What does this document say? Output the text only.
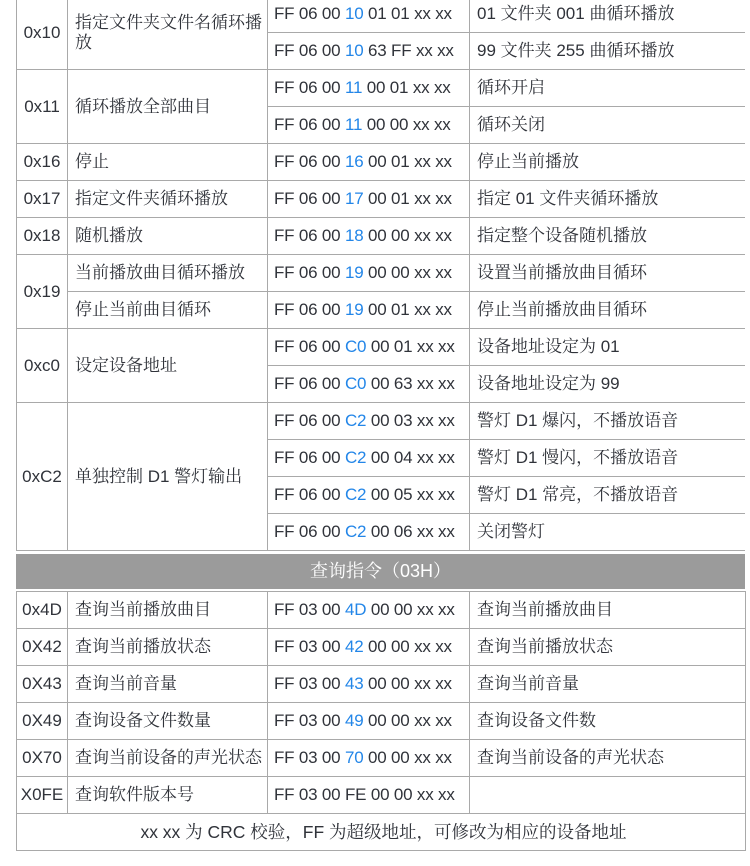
0x10	指定文件夹文件名循环播放	FF 06 00 10 01 01 xx xx	01 文件夹 001 曲循环播放
		FF 06 00 10 63 FF xx xx	99 文件夹 255 曲循环播放
0x11	循环播放全部曲目	FF 06 00 11 00 01 xx xx	循环开启
		FF 06 00 11 00 00 xx xx	循环关闭
0x16	停止	FF 06 00 16 00 01 xx xx	停止当前播放
0x17	指定文件夹循环播放	FF 06 00 17 00 01 xx xx	指定 01 文件夹循环播放
0x18	随机播放	FF 06 00 18 00 00 xx xx	指定整个设备随机播放
0x19	当前播放曲目循环播放	FF 06 00 19 00 00 xx xx	设置当前播放曲目循环
	停止当前曲目循环	FF 06 00 19 00 01 xx xx	停止当前播放曲目循环
0xc0	设定设备地址	FF 06 00 C0 00 01 xx xx	设备地址设定为 01
		FF 06 00 C0 00 63 xx xx	设备地址设定为 99
0xC2	单独控制 D1 警灯输出	FF 06 00 C2 00 03 xx xx	警灯 D1 爆闪，不播放语音
		FF 06 00 C2 00 04 xx xx	警灯 D1 慢闪，不播放语音
		FF 06 00 C2 00 05 xx xx	警灯 D1 常亮，不播放语音
		FF 06 00 C2 00 06 xx xx	关闭警灯
查询指令（03H）
0x4D	查询当前播放曲目	FF 03 00 4D 00 00 xx xx	查询当前播放曲目
0X42	查询当前播放状态	FF 03 00 42 00 00 xx xx	查询当前播放状态
0X43	查询当前音量	FF 03 00 43 00 00 xx xx	查询当前音量
0X49	查询设备文件数量	FF 03 00 49 00 00 xx xx	查询设备文件数
0X70	查询当前设备的声光状态	FF 03 00 70 00 00 xx xx	查询当前设备的声光状态
X0FE	查询软件版本号	FF 03 00 FE 00 00 xx xx	
xx xx 为 CRC 校验，FF 为超级地址，可修改为相应的设备地址			
